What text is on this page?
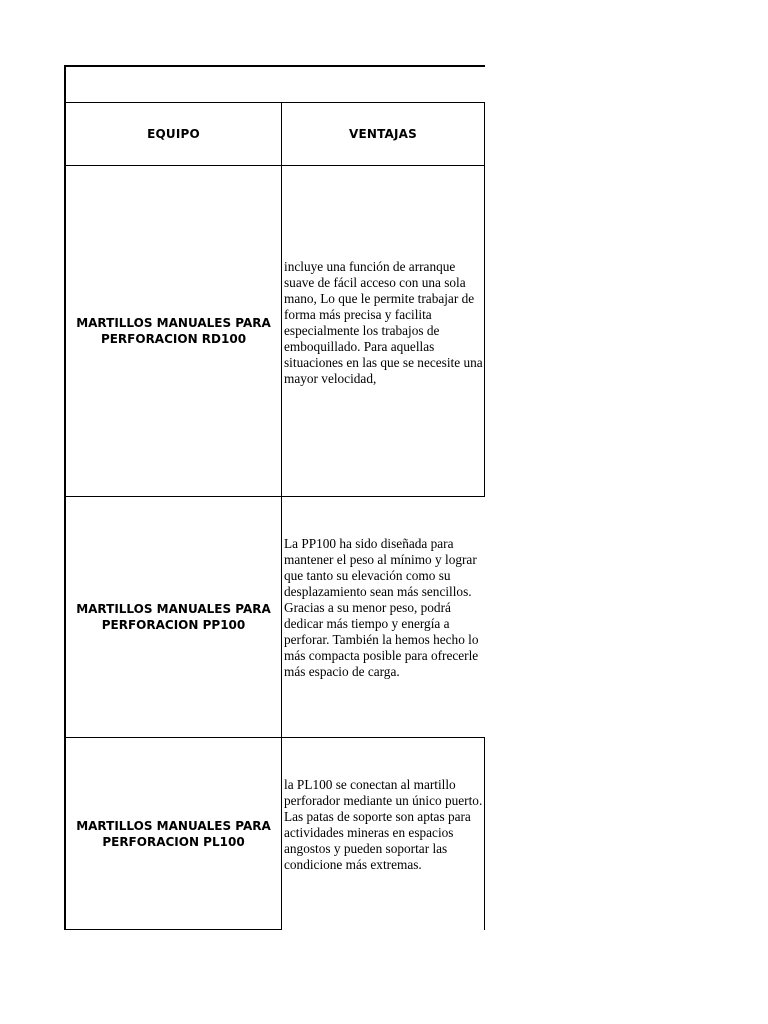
EQUIPO	VENTAJAS
MARTILLOS MANUALES PARA PERFORACION RD100

incluye una función de arranque suave de fácil acceso con una sola mano, Lo que le permite trabajar de forma más precisa y facilita especialmente los trabajos de emboquillado. Para aquellas situaciones en las que se necesite una mayor velocidad,

MARTILLOS MANUALES PARA PERFORACION PP100

La PP100 ha sido diseñada para mantener el peso al mínimo y lograr que tanto su elevación como su desplazamiento sean más sencillos. Gracias a su menor peso, podrá dedicar más tiempo y energía a perforar. También la hemos hecho lo más compacta posible para ofrecerle más espacio de carga.

MARTILLOS MANUALES PARA PERFORACION PL100

la PL100 se conectan al martillo perforador mediante un único puerto. Las patas de soporte son aptas para actividades mineras en espacios angostos y pueden soportar las condicione más extremas.
